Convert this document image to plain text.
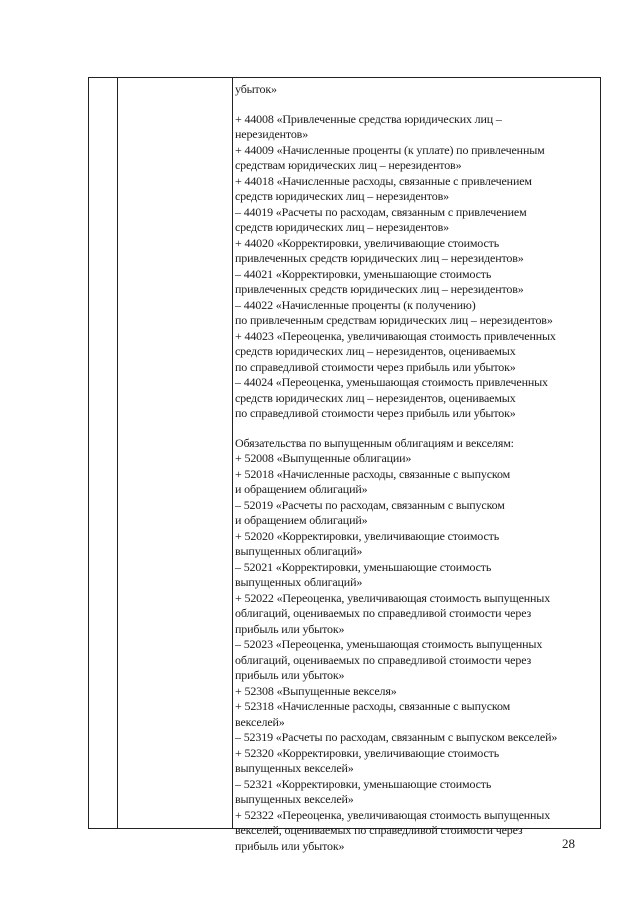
убыток»
+ 44008 «Привлеченные средства юридических лиц –
нерезидентов»
+ 44009 «Начисленные проценты (к уплате) по привлеченным
средствам юридических лиц – нерезидентов»
+ 44018 «Начисленные расходы, связанные с привлечением
средств юридических лиц – нерезидентов»
– 44019 «Расчеты по расходам, связанным с привлечением
средств юридических лиц – нерезидентов»
+ 44020 «Корректировки, увеличивающие стоимость
привлеченных средств юридических лиц – нерезидентов»
– 44021 «Корректировки, уменьшающие стоимость
привлеченных средств юридических лиц – нерезидентов»
– 44022 «Начисленные проценты (к получению)
по привлеченным средствам юридических лиц – нерезидентов»
+ 44023 «Переоценка, увеличивающая стоимость привлеченных
средств юридических лиц – нерезидентов, оцениваемых
по справедливой стоимости через прибыль или убыток»
– 44024 «Переоценка, уменьшающая стоимость привлеченных
средств юридических лиц – нерезидентов, оцениваемых
по справедливой стоимости через прибыль или убыток»
Обязательства по выпущенным облигациям и векселям:
+ 52008 «Выпущенные облигации»
+ 52018 «Начисленные расходы, связанные с выпуском
и обращением облигаций»
– 52019 «Расчеты по расходам, связанным с выпуском
и обращением облигаций»
+ 52020 «Корректировки, увеличивающие стоимость
выпущенных облигаций»
– 52021 «Корректировки, уменьшающие стоимость
выпущенных облигаций»
+ 52022 «Переоценка, увеличивающая стоимость выпущенных
облигаций, оцениваемых по справедливой стоимости через
прибыль или убыток»
– 52023 «Переоценка, уменьшающая стоимость выпущенных
облигаций, оцениваемых по справедливой стоимости через
прибыль или убыток»
+ 52308 «Выпущенные векселя»
+ 52318 «Начисленные расходы, связанные с выпуском
векселей»
– 52319 «Расчеты по расходам, связанным с выпуском векселей»
+ 52320 «Корректировки, увеличивающие стоимость
выпущенных векселей»
– 52321 «Корректировки, уменьшающие стоимость
выпущенных векселей»
+ 52322 «Переоценка, увеличивающая стоимость выпущенных
векселей, оцениваемых по справедливой стоимости через
прибыль или убыток»	28
